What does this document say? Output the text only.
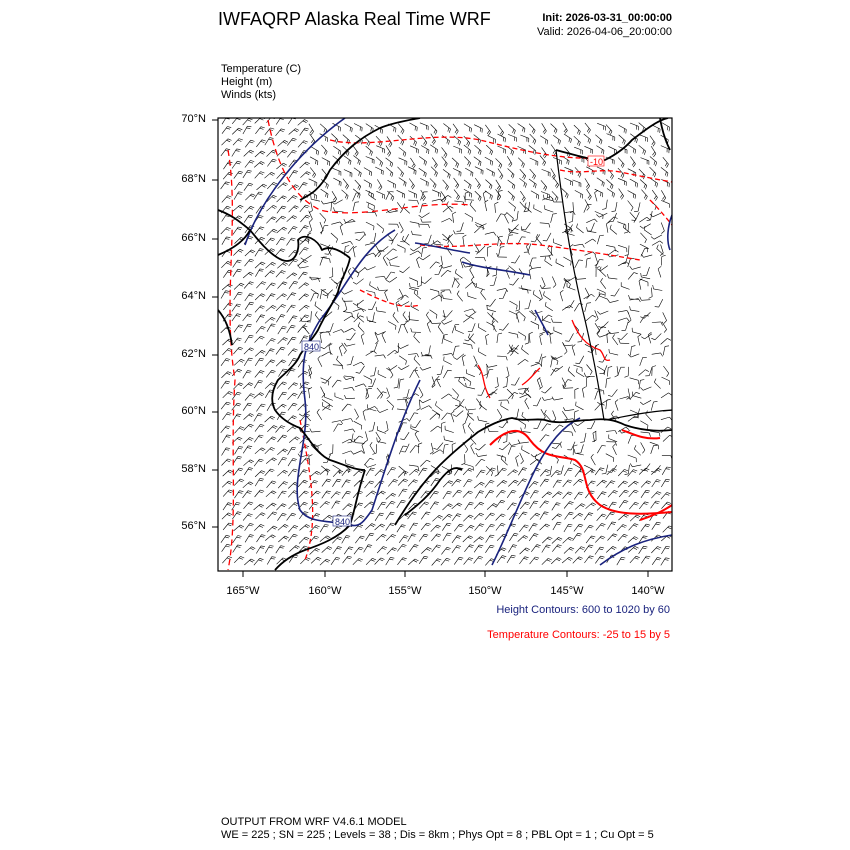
840
840
-10
IWFAQRP Alaska Real Time WRF	Init: 2026-03-31_00:00:00
Valid: 2026-04-06_20:00:00
Temperature (C)
Height (m)
Winds (kts)
70°N
68°N
66°N
64°N
62°N
60°N
58°N
56°N
165°W	160°W	155°W	150°W	145°W	140°W
Height Contours: 600 to 1020 by 60
Temperature Contours: -25 to 15 by 5
OUTPUT FROM WRF V4.6.1 MODEL
WE = 225 ; SN = 225 ; Levels = 38 ; Dis = 8km ; Phys Opt = 8 ; PBL Opt = 1 ; Cu Opt = 5
